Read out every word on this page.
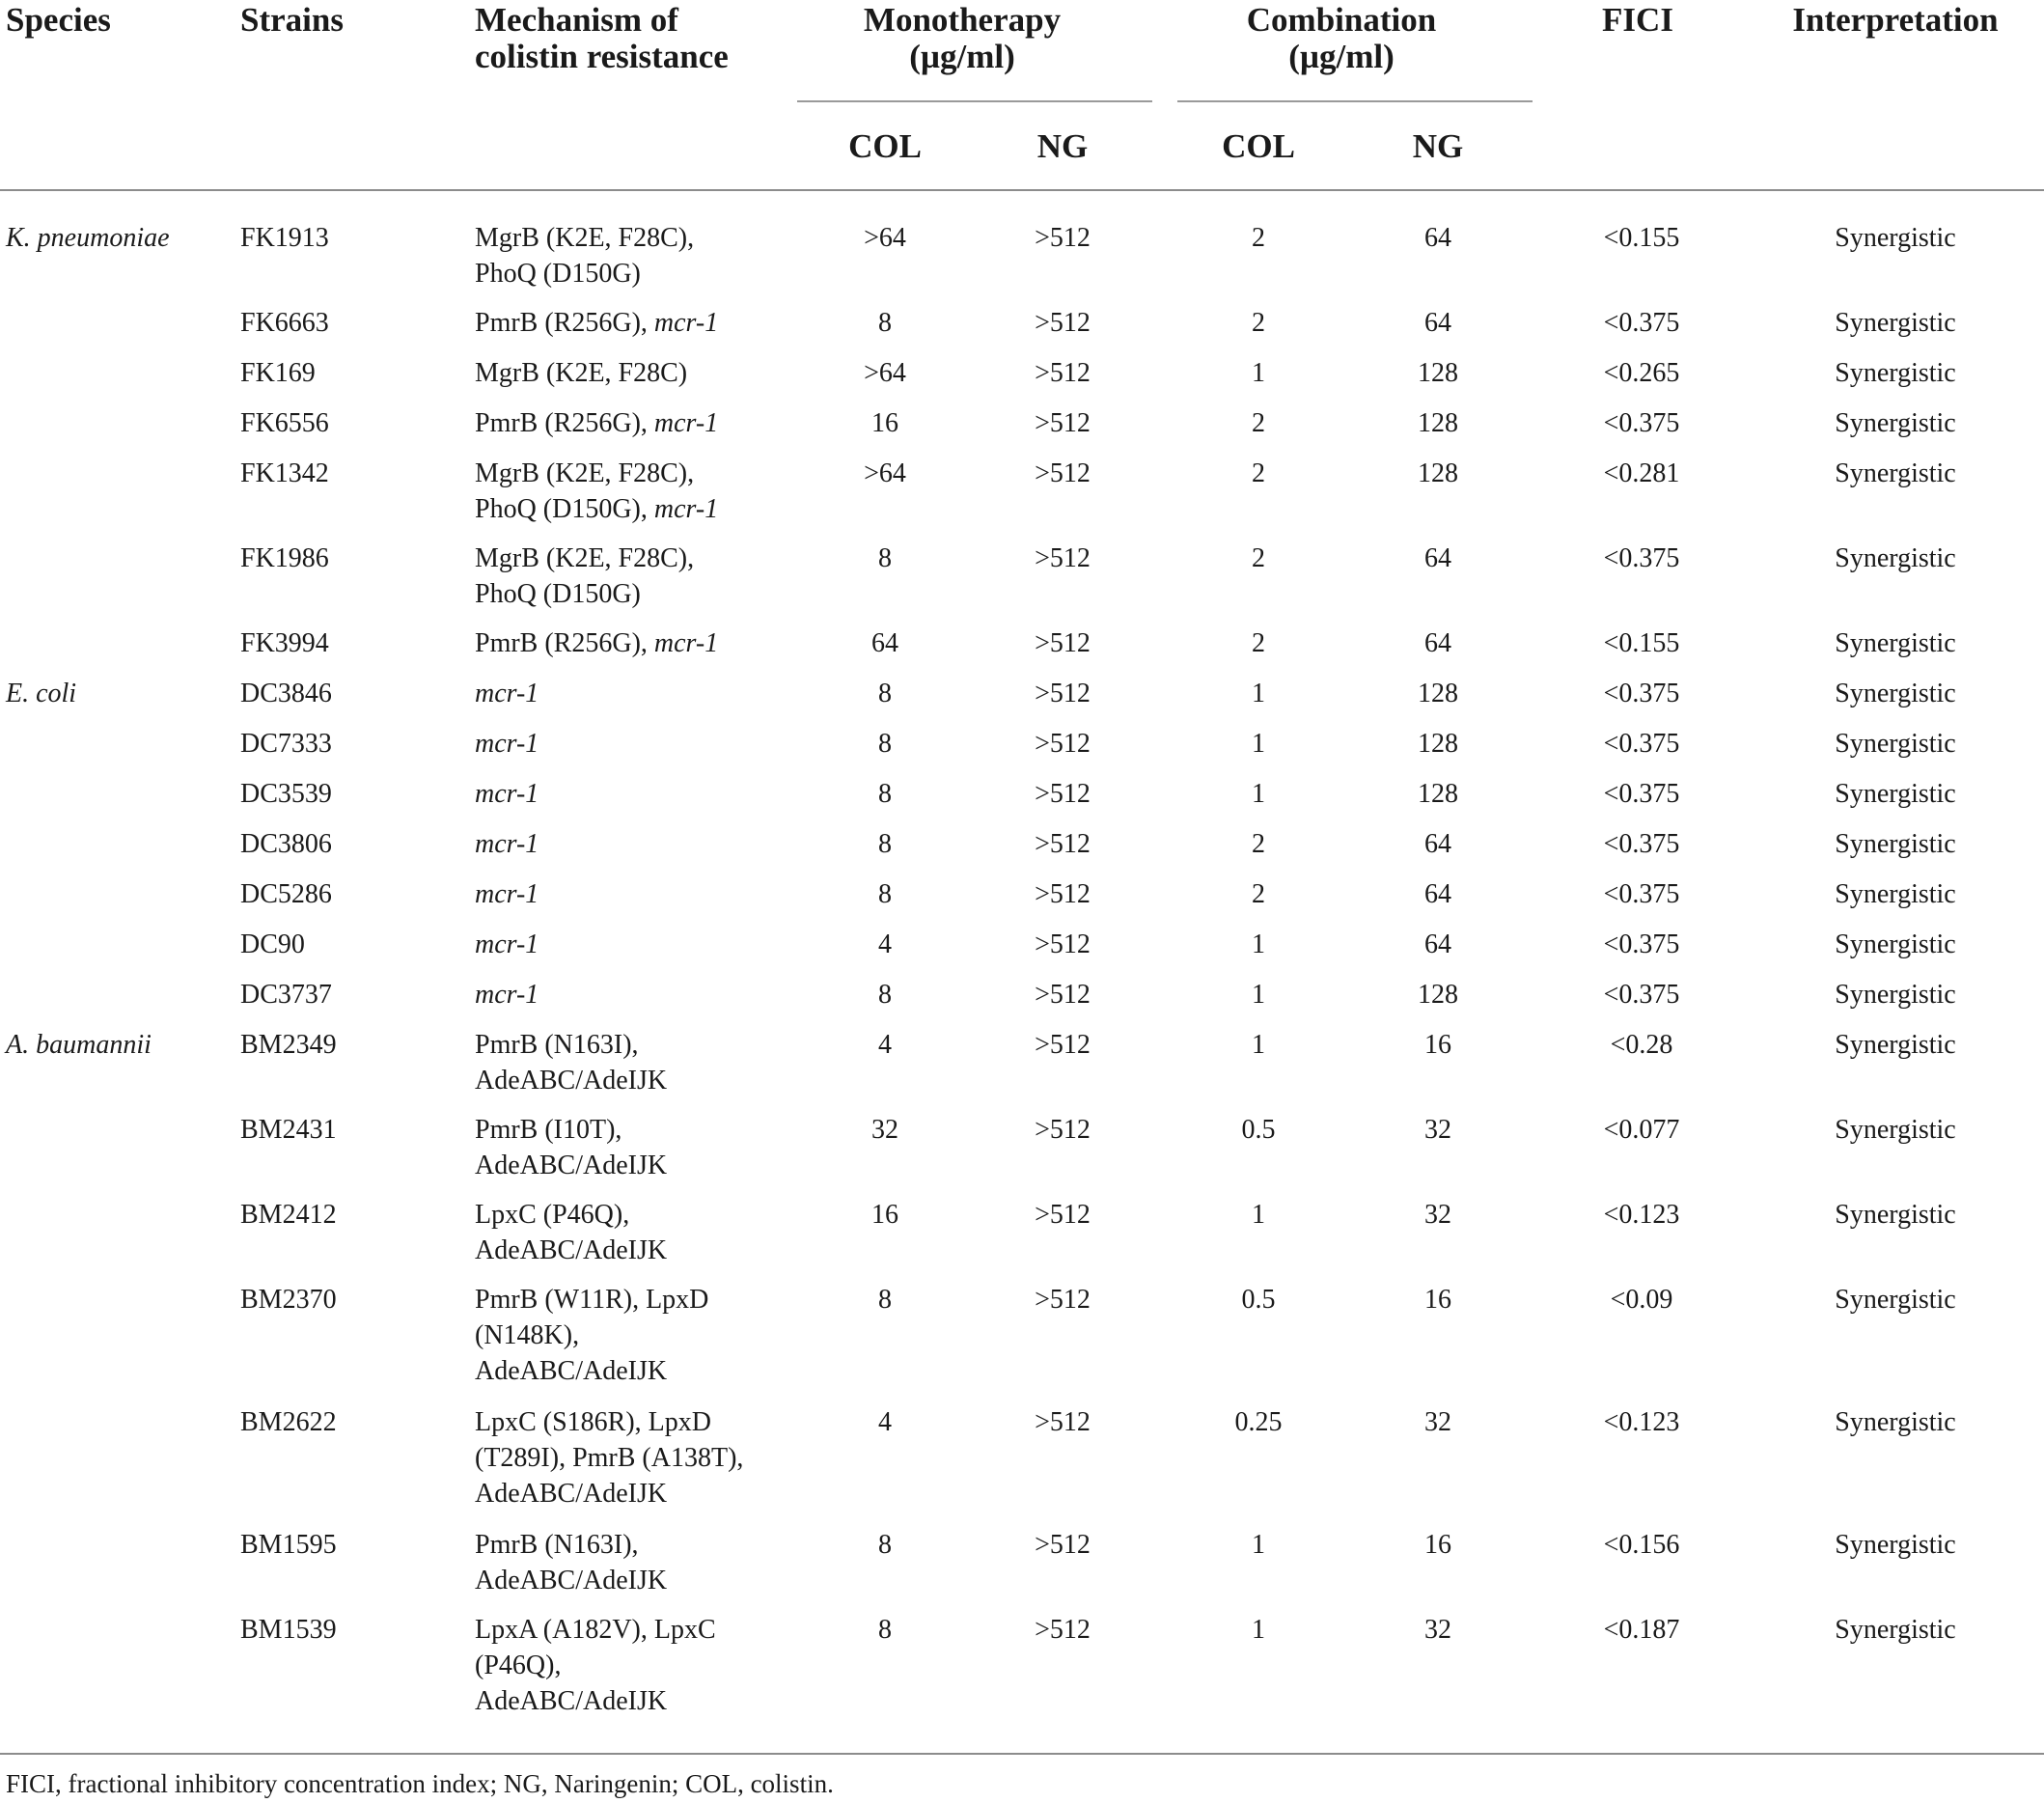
Species	Strains	Mechanism of
colistin resistance
Monotherapy
(µg/ml)
Combination
(µg/ml)
FICI	Interpretation
COL	NG	COL	NG
K. pneumoniae	FK1913	MgrB (K2E, F28C),
PhoQ (D150G)
>64	>512	2	64	<0.155	Synergistic
FK6663	PmrB (R256G), mcr-1	8	>512	2	64	<0.375	Synergistic
FK169	MgrB (K2E, F28C)	>64	>512	1	128	<0.265	Synergistic
FK6556	PmrB (R256G), mcr-1	16	>512	2	128	<0.375	Synergistic
FK1342	MgrB (K2E, F28C),
PhoQ (D150G), mcr-1
>64	>512	2	128	<0.281	Synergistic
FK1986	MgrB (K2E, F28C),
PhoQ (D150G)
8	>512	2	64	<0.375	Synergistic
FK3994	PmrB (R256G), mcr-1	64	>512	2	64	<0.155	Synergistic
E. coli	DC3846	mcr-1	8	>512	1	128	<0.375	Synergistic
DC7333	mcr-1	8	>512	1	128	<0.375	Synergistic
DC3539	mcr-1	8	>512	1	128	<0.375	Synergistic
DC3806	mcr-1	8	>512	2	64	<0.375	Synergistic
DC5286	mcr-1	8	>512	2	64	<0.375	Synergistic
DC90	mcr-1	4	>512	1	64	<0.375	Synergistic
DC3737	mcr-1	8	>512	1	128	<0.375	Synergistic
A. baumannii	BM2349	PmrB (N163I),
AdeABC/AdeIJK
4	>512	1	16	<0.28	Synergistic
BM2431	PmrB (I10T),
AdeABC/AdeIJK
32	>512	0.5	32	<0.077	Synergistic
BM2412	LpxC (P46Q),
AdeABC/AdeIJK
16	>512	1	32	<0.123	Synergistic
BM2370	PmrB (W11R), LpxD
(N148K),
AdeABC/AdeIJK
8	>512	0.5	16	<0.09	Synergistic
BM2622	LpxC (S186R), LpxD
(T289I), PmrB (A138T),
AdeABC/AdeIJK
4	>512	0.25	32	<0.123	Synergistic
BM1595	PmrB (N163I),
AdeABC/AdeIJK
8	>512	1	16	<0.156	Synergistic
BM1539	LpxA (A182V), LpxC
(P46Q),
AdeABC/AdeIJK
8	>512	1	32	<0.187	Synergistic
FICI, fractional inhibitory concentration index; NG, Naringenin; COL, colistin.
